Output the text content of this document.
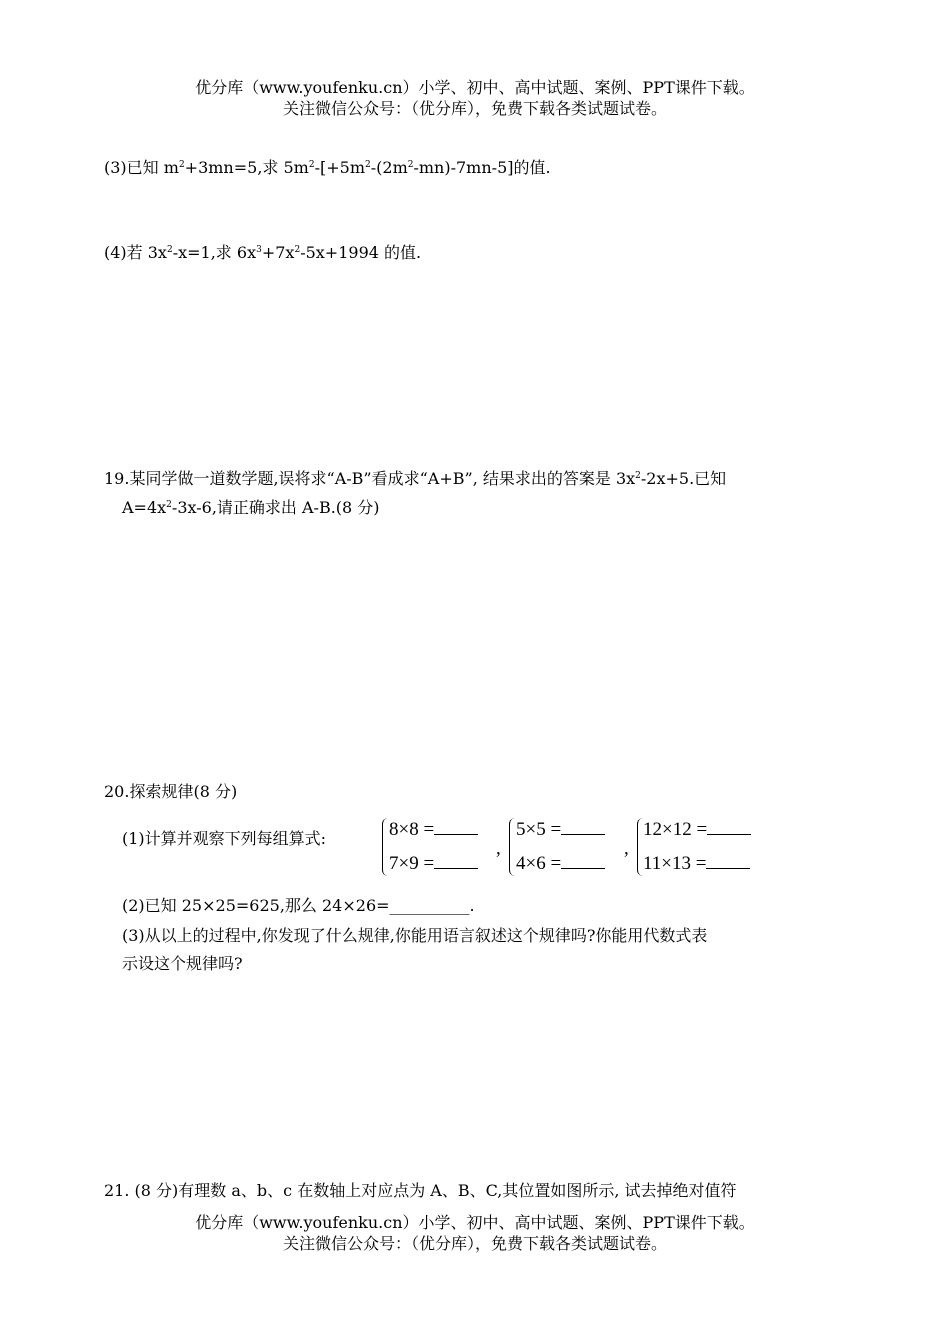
优分库（www.youfenku.cn）小学、初中、高中试题、案例、PPT课件下载。
关注微信公众号：（优分库），免费下载各类试题试卷。
(3)已知 $m^2+3mn=5$,求 $5m^2-[+5m^2-(2m^2-mn)-7mn-5]$的值.
(4)若 $3x^2-x=1$,求 $6x^3+7x^2-5x+1994$ 的值.
19.某同学做一道数学题,误将求“A-B”看成求“A+B”, 结果求出的答案是 $3x^2-2x+5$.已知
$A=4x^2-3x-6$,请正确求出 A-B.(8 分)
20.探索规律(8 分)
(1)计算并观察下列每组算式:	8×8 =
7×9 =
,
5×5 =
4×6 =
,
12×12 =
11×13 =
(2)已知 25×25=625,那么 24×26=__________.
(3)从以上的过程中,你发现了什么规律,你能用语言叙述这个规律吗?你能用代数式表
示设这个规律吗?
21. (8 分)有理数 a、b、c 在数轴上对应点为 A、B、C,其位置如图所示, 试去掉绝对值符
优分库（www.youfenku.cn）小学、初中、高中试题、案例、PPT课件下载。
关注微信公众号：（优分库），免费下载各类试题试卷。
